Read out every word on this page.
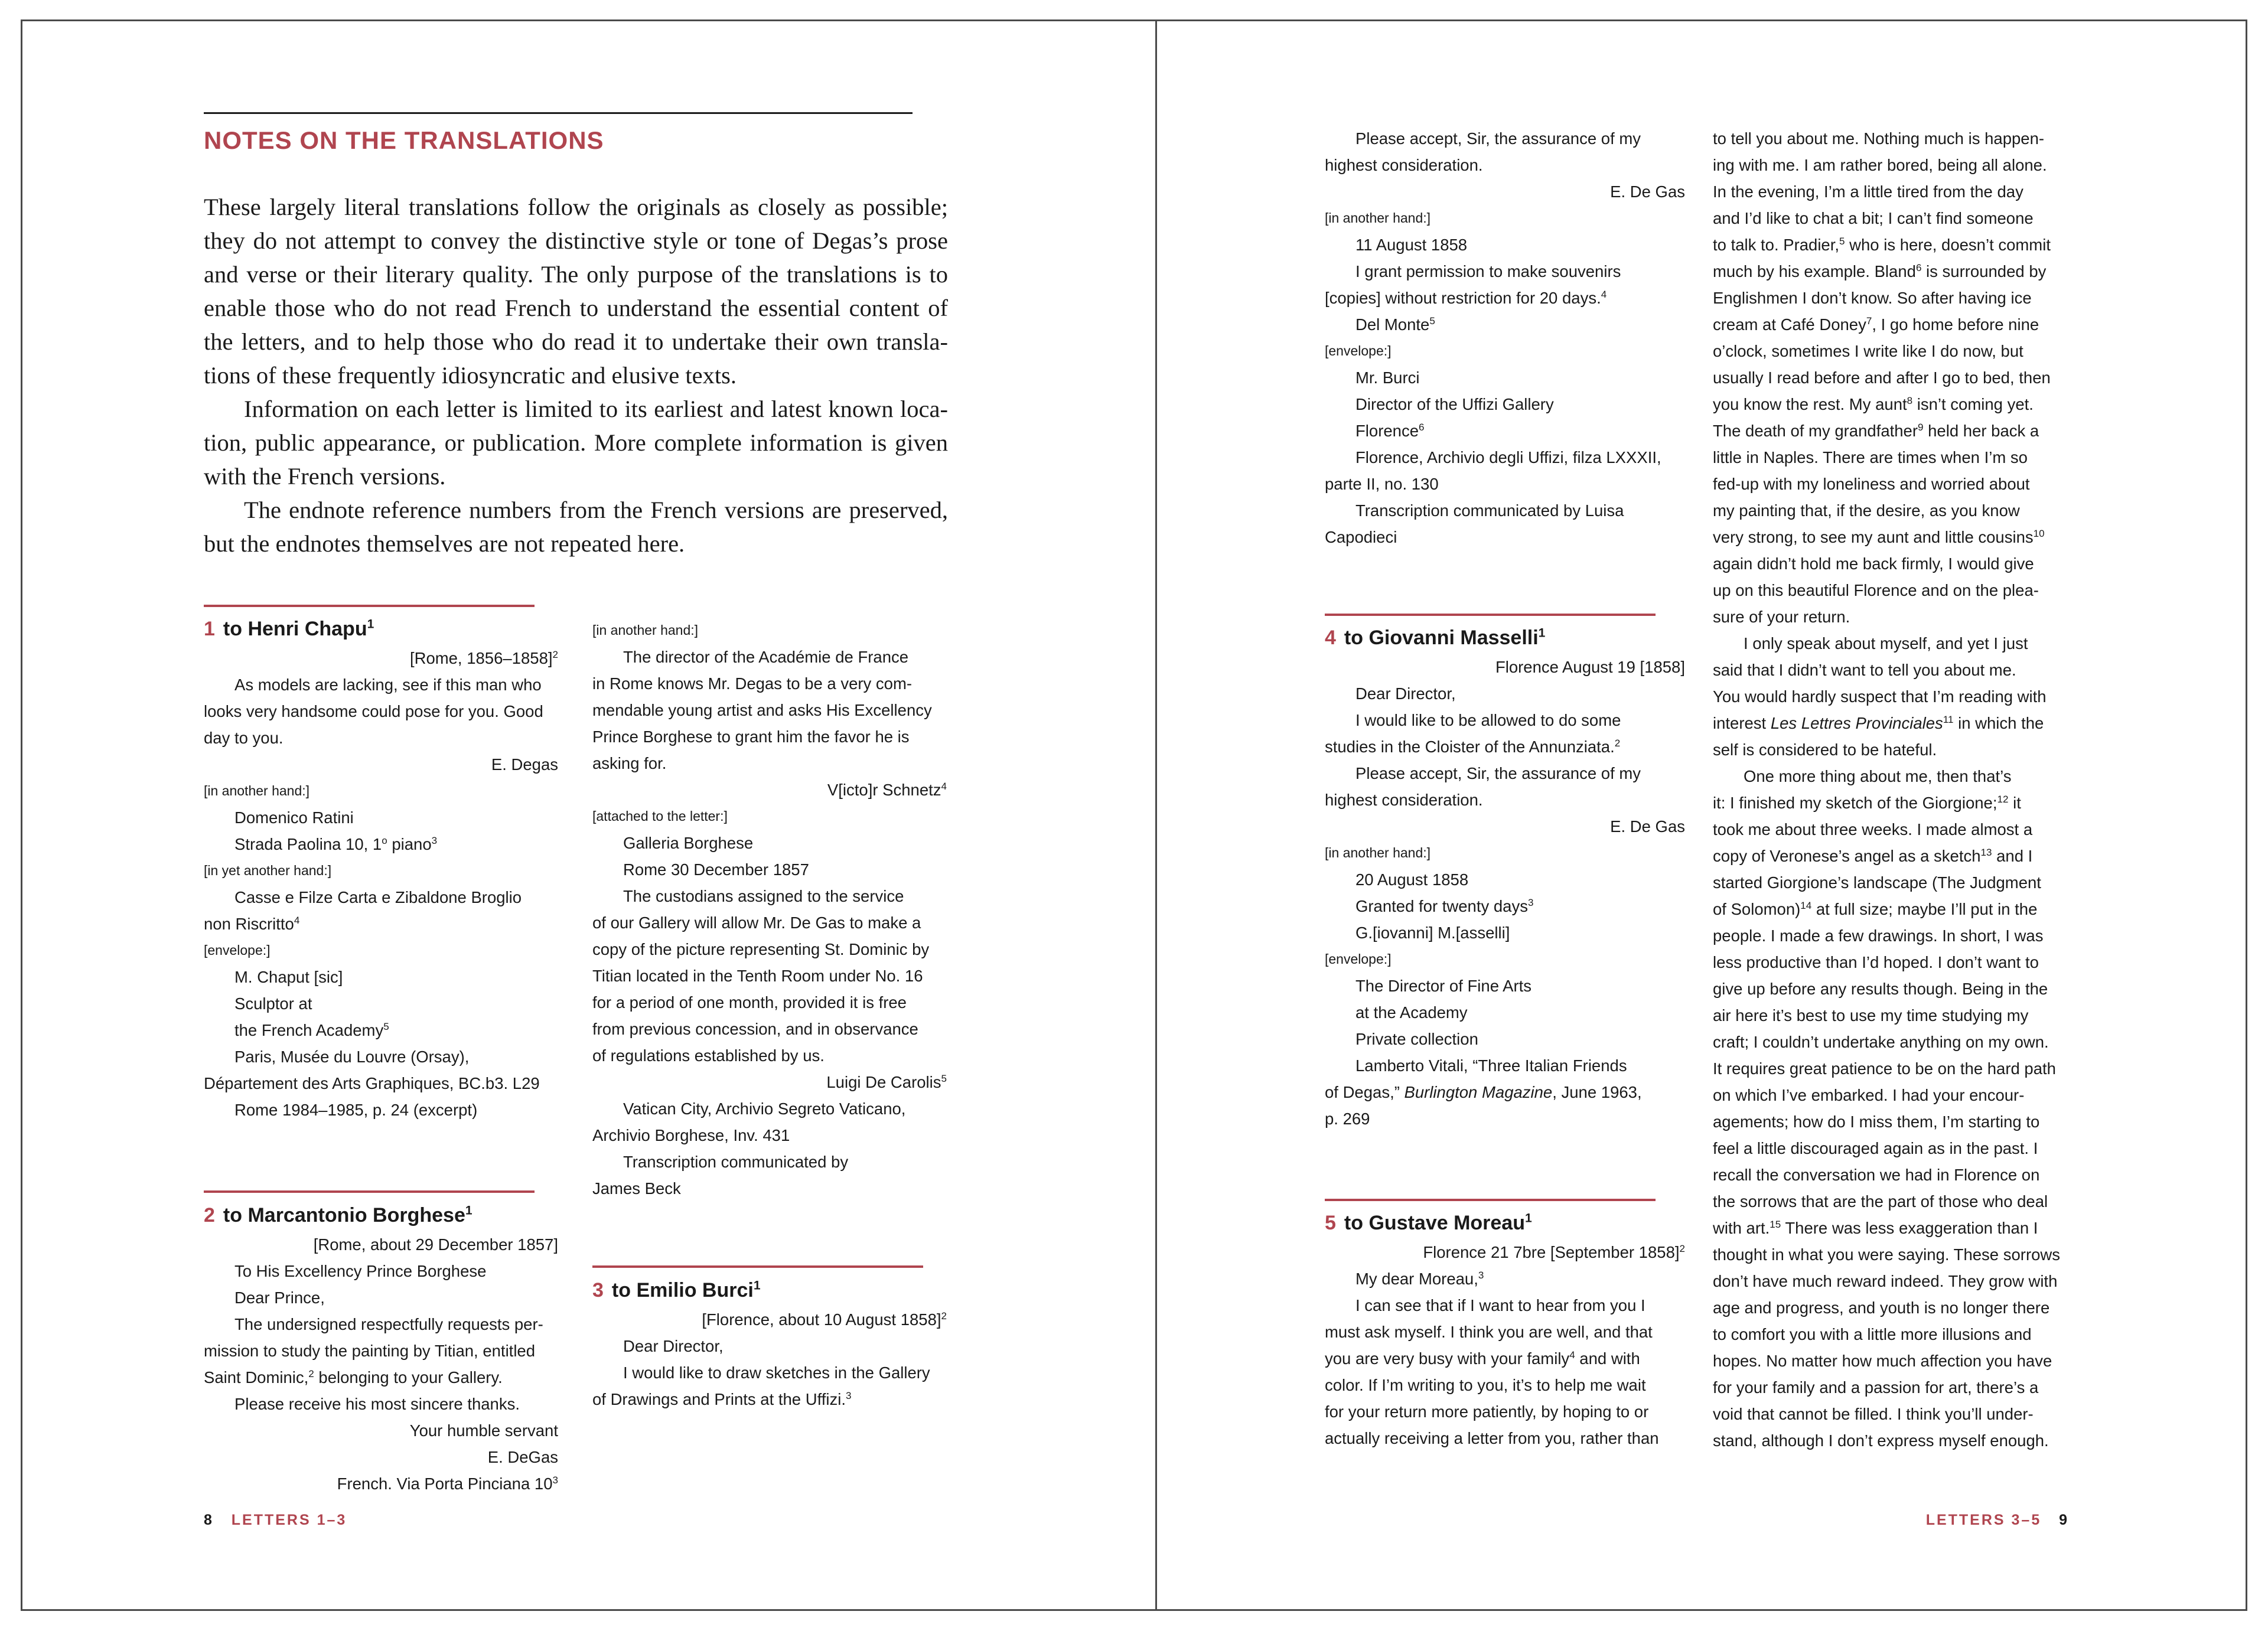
NOTES ON THE TRANSLATIONS

These largely literal translations follow the originals as closely as possible; they do not attempt to convey the distinctive style or tone of Degas’s prose and verse or their literary quality. The only purpose of the translations is to enable those who do not read French to understand the essential content of the letters, and to help those who do read it to undertake their own translations of these frequently idiosyncratic and elusive texts.

Information on each letter is limited to its earliest and latest known location, public appearance, or publication. More complete information is given with the French versions.

The endnote reference numbers from the French versions are preserved, but the endnotes themselves are not repeated here.

1 to Henri Chapu$^1$
[Rome, 1856–1858]$^2$
As models are lacking, see if this man who
looks very handsome could pose for you. Good
day to you.
E. Degas
[in another hand:]
Domenico Ratini
Strada Paolina 10, 1$^o$ piano$^3$
[in yet another hand:]
Casse e Filze Carta e Zibaldone Broglio
non Riscritto$^4$
[envelope:]
M. Chaput [sic]
Sculptor at
the French Academy$^5$
Paris, Musée du Louvre (Orsay),
Département des Arts Graphiques, BC.b3. L29
Rome 1984–1985, p. 24 (excerpt)
2 to Marcantonio Borghese$^1$
[Rome, about 29 December 1857]
To His Excellency Prince Borghese
Dear Prince,
The undersigned respectfully requests per-
mission to study the painting by Titian, entitled
Saint Dominic,$^2$ belonging to your Gallery.
Please receive his most sincere thanks.
Your humble servant
E. DeGas
French. Via Porta Pinciana $10^3$
[in another hand:]
The director of the Académie de France
in Rome knows Mr. Degas to be a very com-
mendable young artist and asks His Excellency
Prince Borghese to grant him the favor he is
asking for.
V[icto]r Schnetz$^4$
[attached to the letter:]
Galleria Borghese
Rome 30 December 1857
The custodians assigned to the service
of our Gallery will allow Mr. De Gas to make a
copy of the picture representing St. Dominic by
Titian located in the Tenth Room under No. 16
for a period of one month, provided it is free
from previous concession, and in observance
of regulations established by us.
Luigi De Carolis$^5$
Vatican City, Archivio Segreto Vaticano,
Archivio Borghese, Inv. 431
Transcription communicated by
James Beck
3 to Emilio Burci$^1$
[Florence, about 10 August 1858]$^2$
Dear Director,
I would like to draw sketches in the Gallery
of Drawings and Prints at the Uffizi.$^3$
8 LETTERS 1–3
Please accept, Sir, the assurance of my
highest consideration.
E. De Gas
[in another hand:]
11 August 1858
I grant permission to make souvenirs
[copies] without restriction for 20 days.$^4$
Del Monte$^5$
[envelope:]
Mr. Burci
Director of the Uffizi Gallery
Florence$^6$
Florence, Archivio degli Uffizi, filza LXXXII,
parte II, no. 130
Transcription communicated by Luisa
Capodieci
4 to Giovanni Masselli$^1$
Florence August 19 [1858]
Dear Director,
I would like to be allowed to do some
studies in the Cloister of the Annunziata.$^2$
Please accept, Sir, the assurance of my
highest consideration.
E. De Gas
[in another hand:]
20 August 1858
Granted for twenty days$^3$
G.[iovanni] M.[asselli]
[envelope:]
The Director of Fine Arts
at the Academy
Private collection
Lamberto Vitali, “Three Italian Friends
of Degas,” Burlington Magazine, June 1963,
p. 269
5 to Gustave Moreau$^1$
Florence 21 7bre [September 1858]$^2$
My dear Moreau,$^3$
I can see that if I want to hear from you I
must ask myself. I think you are well, and that
you are very busy with your family$^4$ and with
color. If I’m writing to you, it’s to help me wait
for your return more patiently, by hoping to or
actually receiving a letter from you, rather than
to tell you about me. Nothing much is happen-
ing with me. I am rather bored, being all alone.
In the evening, I’m a little tired from the day
and I’d like to chat a bit; I can’t find someone
to talk to. Pradier,$^5$ who is here, doesn’t commit
much by his example. Bland$^6$ is surrounded by
Englishmen I don’t know. So after having ice
cream at Café Doney$^7$, I go home before nine
o’clock, sometimes I write like I do now, but
usually I read before and after I go to bed, then
you know the rest. My aunt$^8$ isn’t coming yet.
The death of my grandfather$^9$ held her back a
little in Naples. There are times when I’m so
fed-up with my loneliness and worried about
my painting that, if the desire, as you know
very strong, to see my aunt and little cousins$^{10}$
again didn’t hold me back firmly, I would give
up on this beautiful Florence and on the plea-
sure of your return.
I only speak about myself, and yet I just
said that I didn’t want to tell you about me.
You would hardly suspect that I’m reading with
interest Les Lettres Provinciales$^{11}$ in which the
self is considered to be hateful.
One more thing about me, then that’s
it: I finished my sketch of the Giorgione;$^{12}$ it
took me about three weeks. I made almost a
copy of Veronese’s angel as a sketch$^{13}$ and I
started Giorgione’s landscape (The Judgment
of Solomon)$^{14}$ at full size; maybe I’ll put in the
people. I made a few drawings. In short, I was
less productive than I’d hoped. I don’t want to
give up before any results though. Being in the
air here it’s best to use my time studying my
craft; I couldn’t undertake anything on my own.
It requires great patience to be on the hard path
on which I’ve embarked. I had your encour-
agements; how do I miss them, I’m starting to
feel a little discouraged again as in the past. I
recall the conversation we had in Florence on
the sorrows that are the part of those who deal
with art.$^{15}$ There was less exaggeration than I
thought in what you were saying. These sorrows
don’t have much reward indeed. They grow with
age and progress, and youth is no longer there
to comfort you with a little more illusions and
hopes. No matter how much affection you have
for your family and a passion for art, there’s a
void that cannot be filled. I think you’ll under-
stand, although I don’t express myself enough.
LETTERS 3–5 9
